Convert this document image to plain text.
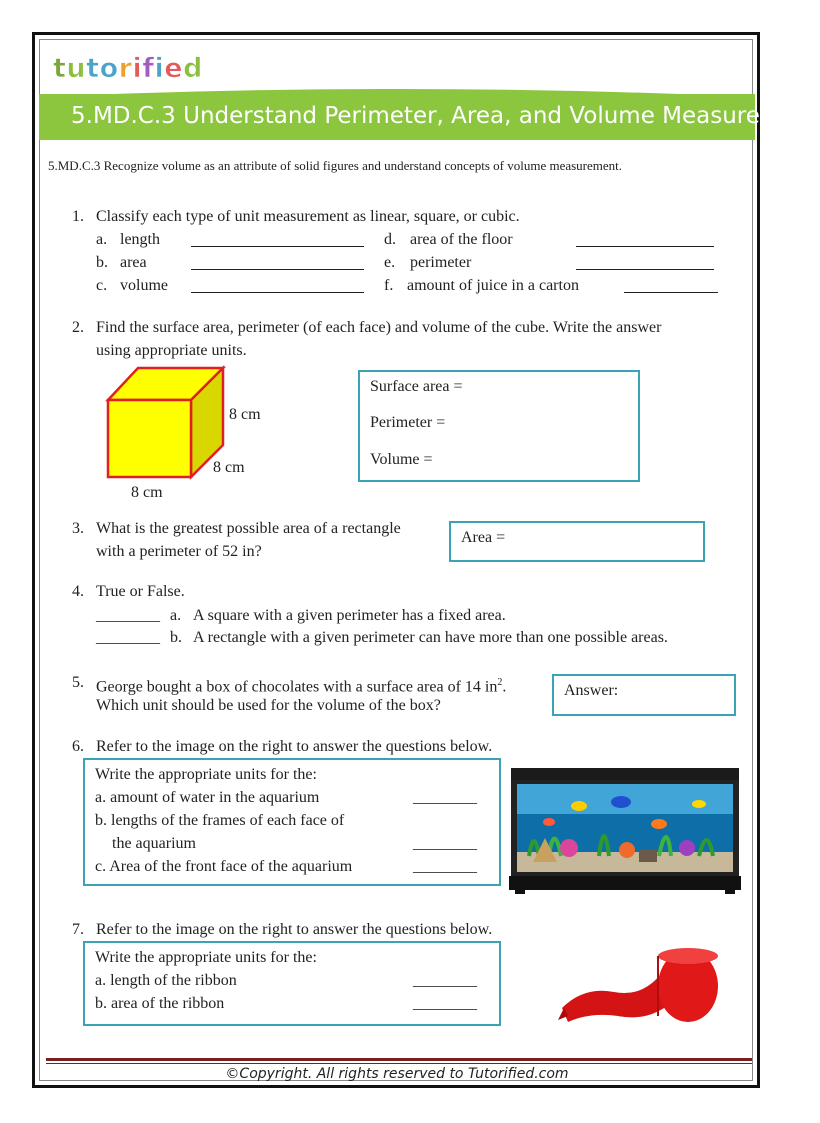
tutorified
5.MD.C.3 Understand Perimeter, Area, and Volume Measurement
5.MD.C.3 Recognize volume as an attribute of solid figures and understand concepts of volume measurement.
1. Classify each type of unit measurement as linear, square, or cubic.
a. length
b. area
c. volume
d. area of the floor
e. perimeter
f. amount of juice in a carton
2. Find the surface area, perimeter (of each face) and volume of the cube. Write the answer
using appropriate units.
8 cm
8 cm
8 cm
Surface area =
Perimeter =
Volume =
3. What is the greatest possible area of a rectangle
with a perimeter of 52 in?
Area =
4. True or False.
________ a. A square with a given perimeter has a fixed area.
________ b. A rectangle with a given perimeter can have more than one possible areas.
5. George bought a box of chocolates with a surface area of 14 $in^2$.
Which unit should be used for the volume of the box?
Answer:
6. Refer to the image on the right to answer the questions below.
Write the appropriate units for the:
a. amount of water in the aquarium
b. lengths of the frames of each face of
the aquarium
c. Area of the front face of the aquarium
________
________
________
7. Refer to the image on the right to answer the questions below.
Write the appropriate units for the:
a. length of the ribbon
b. area of the ribbon
________
________
©Copyright. All rights reserved to Tutorified.com
